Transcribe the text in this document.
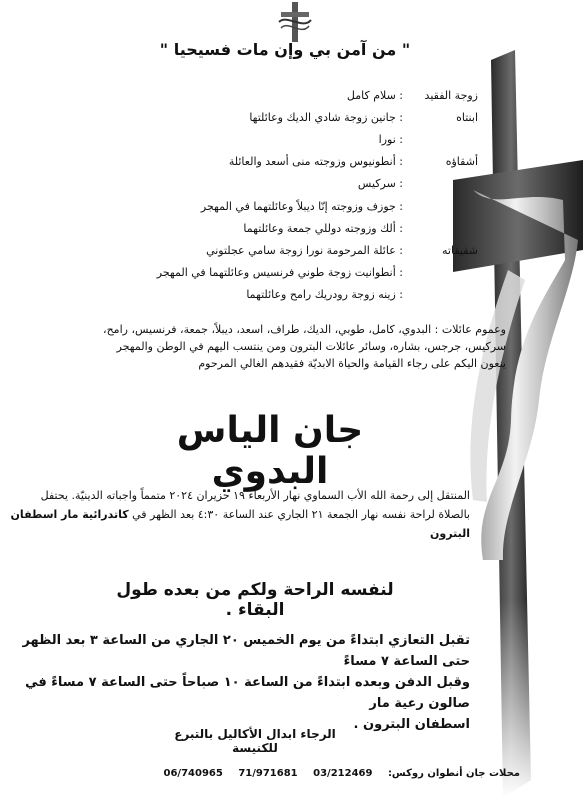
" من آمن بي وإن مات فسيحيا "
زوجة الفقيد
: سلام كامل
ابنتاه
: جانين زوجة شادي الديك وعائلتها
: نورا
أشقاؤه
: أنطونيوس وزوجته منى أسعد والعائلة
: سركيس
: جوزف وزوجته إنّا ديبلاً وعائلتهما في المهجر
: ألك وزوجته دوللي جمعة وعائلتهما
شقيقاته
: عائلة المرحومة نورا زوجة سامي عجلتوني
: أنطوانيت زوجة طوني فرنسيس وعائلتهما في المهجر
: زينه زوجة رودريك رامح وعائلتهما
وعموم عائلات : البدوي، كامل، طوبي، الديك، طراف، اسعد، ديبلاً، جمعة، فرنسيس، رامح،
سركيس، جرجس، بشاره، وسائر عائلات البترون ومن ينتسب اليهم في الوطن والمهجر
ينعون اليكم على رجاء القيامة والحياة الابديّة فقيدهم الغالي المرحوم
جان الياس البدوي
المنتقل إلى رحمة الله الأب السماوي نهار الأربعاء ١٩ حزيران ٢٠٢٤ متمماً واجباته الدينيّة. يحتفل
بالصلاة لراحة نفسه نهار الجمعة ٢١ الجاري عند الساعة ٤:٣٠ بعد الظهر في كاتدرائية مار اسطفان
البترون
لنفسه الراحة ولكم من بعده طول البقاء .
تقبل التعازي ابتداءً من يوم الخميس ٢٠ الجاري من الساعة ٣ بعد الظهر حتى الساعة ٧ مساءً
وقبل الدفن وبعده ابتداءً من الساعة ١٠ صباحاً حتى الساعة ٧ مساءً في صالون رعية مار
اسطفان البترون .
الرجاء ابدال الأكاليل بالتبرع للكنيسة
محلات جان أنطوان روكس: 03/212469 71/971681 06/740965
